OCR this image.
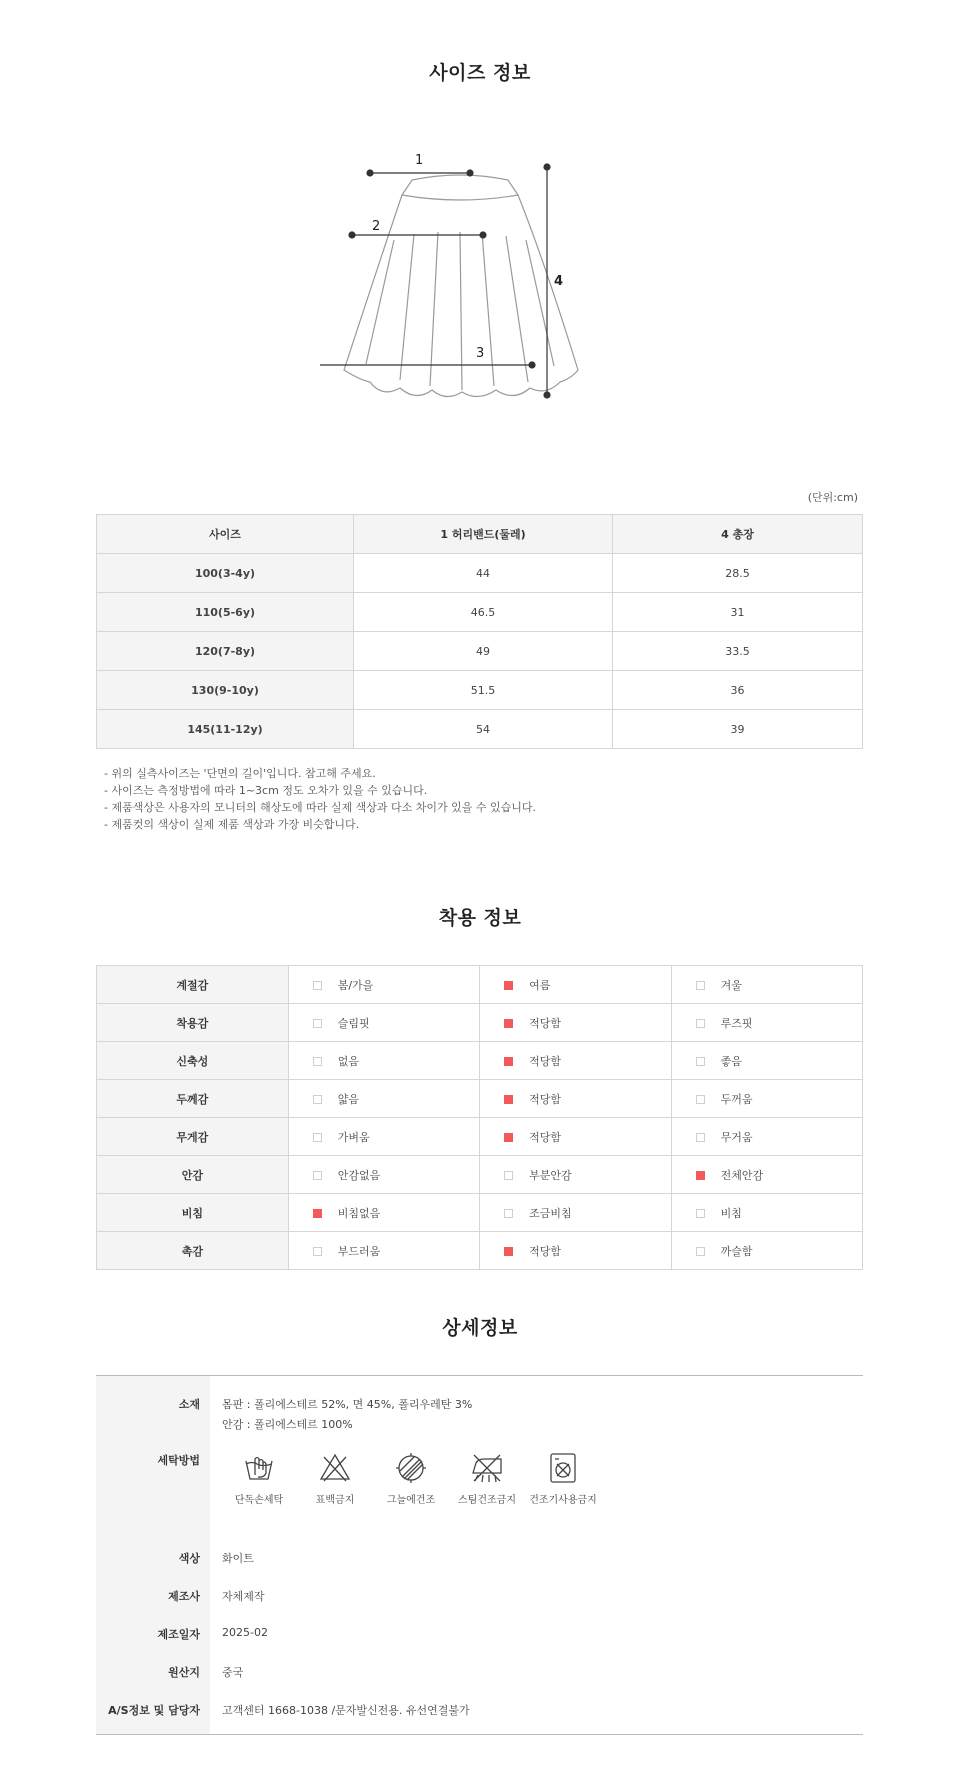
사이즈 정보
1
2
3
4
(단위:cm)
사이즈	1 허리밴드(둘레)	4 총장
100(3-4y)	44	28.5
110(5-6y)	46.5	31
120(7-8y)	49	33.5
130(9-10y)	51.5	36
145(11-12y)	54	39
- 위의 실측사이즈는 '단면의 길이'입니다. 참고해 주세요.
- 사이즈는 측정방법에 따라 1~3cm 정도 오차가 있을 수 있습니다.
- 제품색상은 사용자의 모니터의 해상도에 따라 실제 색상과 다소 차이가 있을 수 있습니다.
- 제품컷의 색상이 실제 제품 색상과 가장 비슷합니다.
착용 정보
계절감	봄/가을	여름	겨울
착용감	슬림핏	적당함	루즈핏
신축성	없음	적당함	좋음
두께감	얇음	적당함	두꺼움
무게감	가벼움	적당함	무거움
안감	안감없음	부분안감	전체안감
비침	비침없음	조금비침	비침
촉감	부드러움	적당함	까슬함
상세정보
소재 몸판 : 폴리에스테르 52%, 면 45%, 폴리우레탄 3%
안감 : 폴리에스테르 100%
세탁방법
단독손세탁	표백금지	그늘에건조	스팀건조금지	건조기사용금지
색상 화이트
제조사 자체제작
제조일자 2025-02
원산지 중국
A/S정보 및 담당자 고객센터 1668-1038 /문자발신전용. 유선연결불가
